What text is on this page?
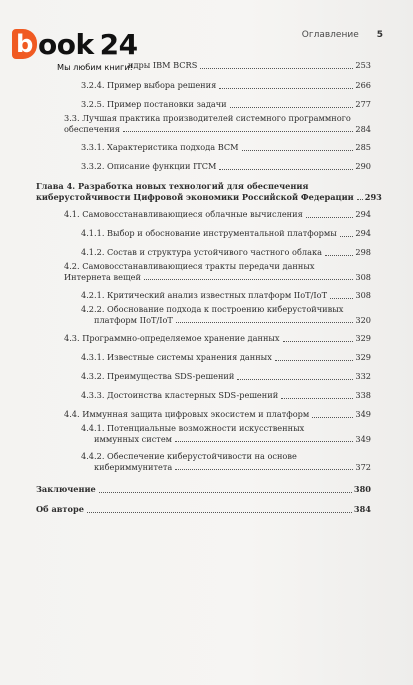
Оглавление 5
b ook 24
Мы любим книги!
ндры IBM BCRS	253
3.2.4. Пример выбора решения	266
3.2.5. Пример постановки задачи	277
3.3. Лучшая практика производителей системного программного
обеспечения	284
3.3.1. Характеристика подхода BCM	285
3.3.2. Описание функции ITCM	290
Глава 4. Разработка новых технологий для обеспечения
киберустойчивости Цифровой экономики Российской Федерации 293
4.1. Самовосстанавливающиеся облачные вычисления	294
4.1.1. Выбор и обоснование инструментальной платформы 294
4.1.2. Состав и структура устойчивого частного облака	298
4.2. Самовосстанавливающиеся тракты передачи данных
Интернета вещей	308
4.2.1. Критический анализ известных платформ IIoT/IoT	308
4.2.2. Обоснование подхода к построению киберустойчивых
платформ IIoT/IoT	320
4.3. Программно-определяемое хранение данных	329
4.3.1. Известные системы хранения данных	329
4.3.2. Преимущества SDS-решений	332
4.3.3. Достоинства кластерных SDS-решений	338
4.4. Иммунная защита цифровых экосистем и платформ	349
4.4.1. Потенциальные возможности искусственных
иммунных систем	349
4.4.2. Обеспечение киберустойчивости на основе
кибериммунитета	372
Заключение	380
Об авторе	384
